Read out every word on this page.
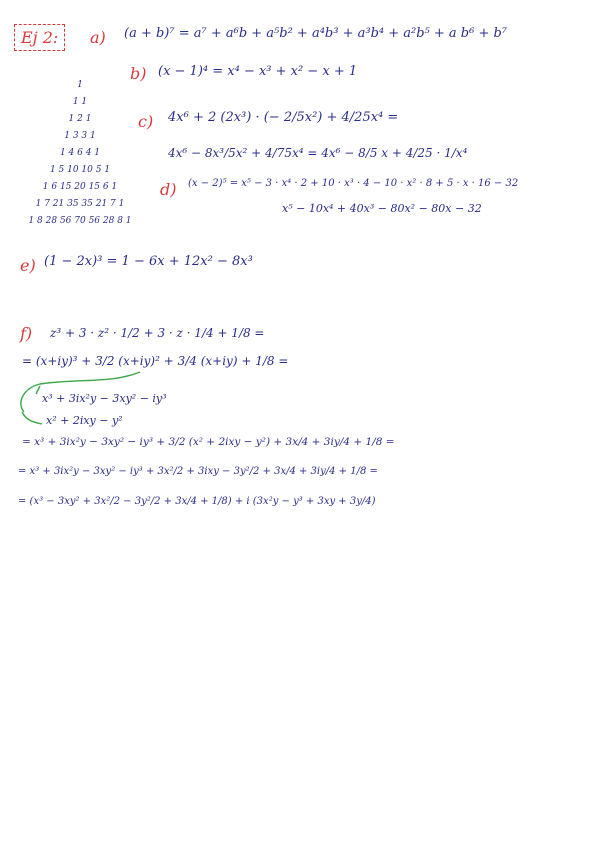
Ej 2:	a) (a + b)⁷ = a⁷ + a⁶b + a⁵b² + a⁴b³ + a³b⁴ + a²b⁵ + a b⁶ + b⁷
b) (x − 1)⁴ = x⁴ − x³ + x² − x + 1
1
1 1
1 2 1
1 3 3 1
1 4 6 4 1
1 5 10 10 5 1
1 6 15 20 15 6 1
1 7 21 35 35 21 7 1
1 8 28 56 70 56 28 8 1
c) 4x⁶ + 2 (2x³) · (− 2/5x²) + 4/25x⁴ =
4x⁶ − 8x³/5x² + 4/75x⁴ = 4x⁶ − 8/5 x + 4/25 · 1/x⁴
d) (x − 2)⁵ = x⁵ − 3 · x⁴ · 2 + 10 · x³ · 4 − 10 · x² · 8 + 5 · x · 16 − 32
x⁵ − 10x⁴ + 40x³ − 80x² − 80x − 32
e) (1 − 2x)³ = 1 − 6x + 12x² − 8x³
f) z³ + 3 · z² · 1/2 + 3 · z · 1/4 + 1/8 =
= (x+iy)³ + 3/2 (x+iy)² + 3/4 (x+iy) + 1/8 =
x³ + 3ix²y − 3xy² − iy³
x² + 2ixy − y²
= x³ + 3ix²y − 3xy² − iy³ + 3/2 (x² + 2ixy − y²) + 3x/4 + 3iy/4 + 1/8 =
= x³ + 3ix²y − 3xy² − iy³ + 3x²/2 + 3ixy − 3y²/2 + 3x/4 + 3iy/4 + 1/8 =
= (x³ − 3xy² + 3x²/2 − 3y²/2 + 3x/4 + 1/8) + i (3x²y − y³ + 3xy + 3y/4)
